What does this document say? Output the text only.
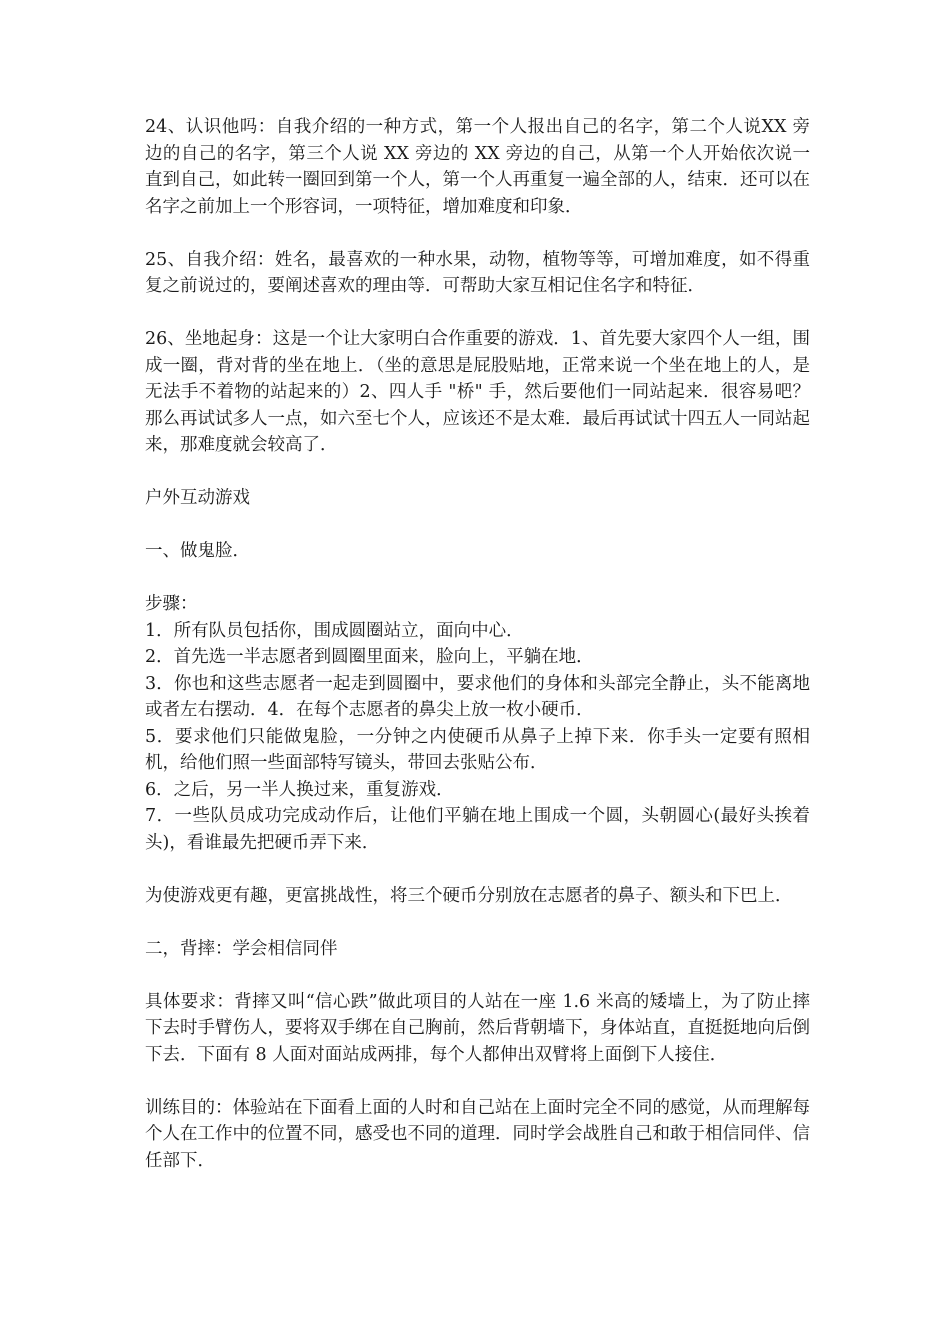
24、认识他吗：自我介绍的一种方式，第一个人报出自己的名字，第二个人说XX 旁边的自己的名字，第三个人说 XX 旁边的 XX 旁边的自己，从第一个人开始依次说一直到自己，如此转一圈回到第一个人，第一个人再重复一遍全部的人，结束．还可以在名字之前加上一个形容词，一项特征，增加难度和印象．

25、自我介绍：姓名，最喜欢的一种水果，动物，植物等等，可增加难度，如不得重复之前说过的，要阐述喜欢的理由等．可帮助大家互相记住名字和特征．

26、坐地起身：这是一个让大家明白合作重要的游戏．1、首先要大家四个人一组，围成一圈，背对背的坐在地上．（坐的意思是屁股贴地，正常来说一个坐在地上的人，是无法手不着物的站起来的）2、四人手 "桥" 手，然后要他们一同站起来．很容易吧？那么再试试多人一点，如六至七个人，应该还不是太难．最后再试试十四五人一同站起来，那难度就会较高了．

户外互动游戏

一、做鬼脸．

步骤：

1．所有队员包括你，围成圆圈站立，面向中心．

2．首先选一半志愿者到圆圈里面来，脸向上，平躺在地．

3．你也和这些志愿者一起走到圆圈中，要求他们的身体和头部完全静止，头不能离地或者左右摆动．4．在每个志愿者的鼻尖上放一枚小硬币．

5．要求他们只能做鬼脸，一分钟之内使硬币从鼻子上掉下来．你手头一定要有照相机，给他们照一些面部特写镜头，带回去张贴公布．

6．之后，另一半人换过来，重复游戏．

7．一些队员成功完成动作后，让他们平躺在地上围成一个圆，头朝圆心(最好头挨着头)，看谁最先把硬币弄下来．

为使游戏更有趣，更富挑战性，将三个硬币分别放在志愿者的鼻子、额头和下巴上．

二，背摔：学会相信同伴

具体要求：背摔又叫“信心跌”做此项目的人站在一座 1.6 米高的矮墙上，为了防止摔下去时手臂伤人，要将双手绑在自己胸前，然后背朝墙下，身体站直，直挺挺地向后倒下去．下面有 8 人面对面站成两排，每个人都伸出双臂将上面倒下人接住．

训练目的：体验站在下面看上面的人时和自己站在上面时完全不同的感觉，从而理解每个人在工作中的位置不同，感受也不同的道理．同时学会战胜自己和敢于相信同伴、信任部下．
